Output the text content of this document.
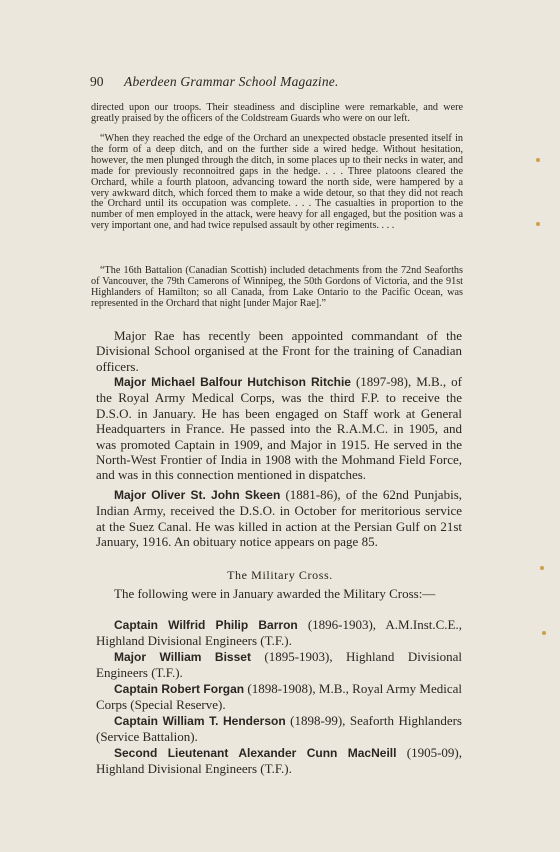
90 Aberdeen Grammar School Magazine.

directed upon our troops. Their steadiness and discipline were remarkable, and were greatly praised by the officers of the Coldstream Guards who were on our left.

“When they reached the edge of the Orchard an unexpected obstacle presented itself in the form of a deep ditch, and on the further side a wired hedge. Without hesitation, however, the men plunged through the ditch, in some places up to their necks in water, and made for previously reconnoitred gaps in the hedge. . . . Three platoons cleared the Orchard, while a fourth platoon, advancing toward the north side, were hampered by a very awkward ditch, which forced them to make a wide detour, so that they did not reach the Orchard until its occupation was complete. . . . The casualties in proportion to the number of men employed in the attack, were heavy for all engaged, but the position was a very important one, and had twice repulsed assault by other regiments. . . .

“The 16th Battalion (Canadian Scottish) included detachments from the 72nd Seaforths of Vancouver, the 79th Camerons of Winnipeg, the 50th Gordons of Victoria, and the 91st Highlanders of Hamilton; so all Canada, from Lake Ontario to the Pacific Ocean, was represented in the Orchard that night [under Major Rae].”

Major Rae has recently been appointed commandant of the Divisional School organised at the Front for the training of Canadian officers.

Major Michael Balfour Hutchison Ritchie (1897-98), M.B., of the Royal Army Medical Corps, was the third F.P. to receive the D.S.O. in January. He has been engaged on Staff work at General Headquarters in France. He passed into the R.A.M.C. in 1905, and was promoted Captain in 1909, and Major in 1915. He served in the North-West Frontier of India in 1908 with the Mohmand Field Force, and was in this connection mentioned in dispatches.

Major Oliver St. John Skeen (1881-86), of the 62nd Punjabis, Indian Army, received the D.S.O. in October for meritorious service at the Suez Canal. He was killed in action at the Persian Gulf on 21st January, 1916. An obituary notice appears on page 85.

The Military Cross.

The following were in January awarded the Military Cross:—

Captain Wilfrid Philip Barron (1896-1903), A.M.Inst.C.E., Highland Divisional Engineers (T.F.).

Major William Bisset (1895-1903), Highland Divisional Engineers (T.F.).

Captain Robert Forgan (1898-1908), M.B., Royal Army Medical Corps (Special Reserve).

Captain William T. Henderson (1898-99), Seaforth Highlanders (Service Battalion).

Second Lieutenant Alexander Cunn MacNeill (1905-09), Highland Divisional Engineers (T.F.).
